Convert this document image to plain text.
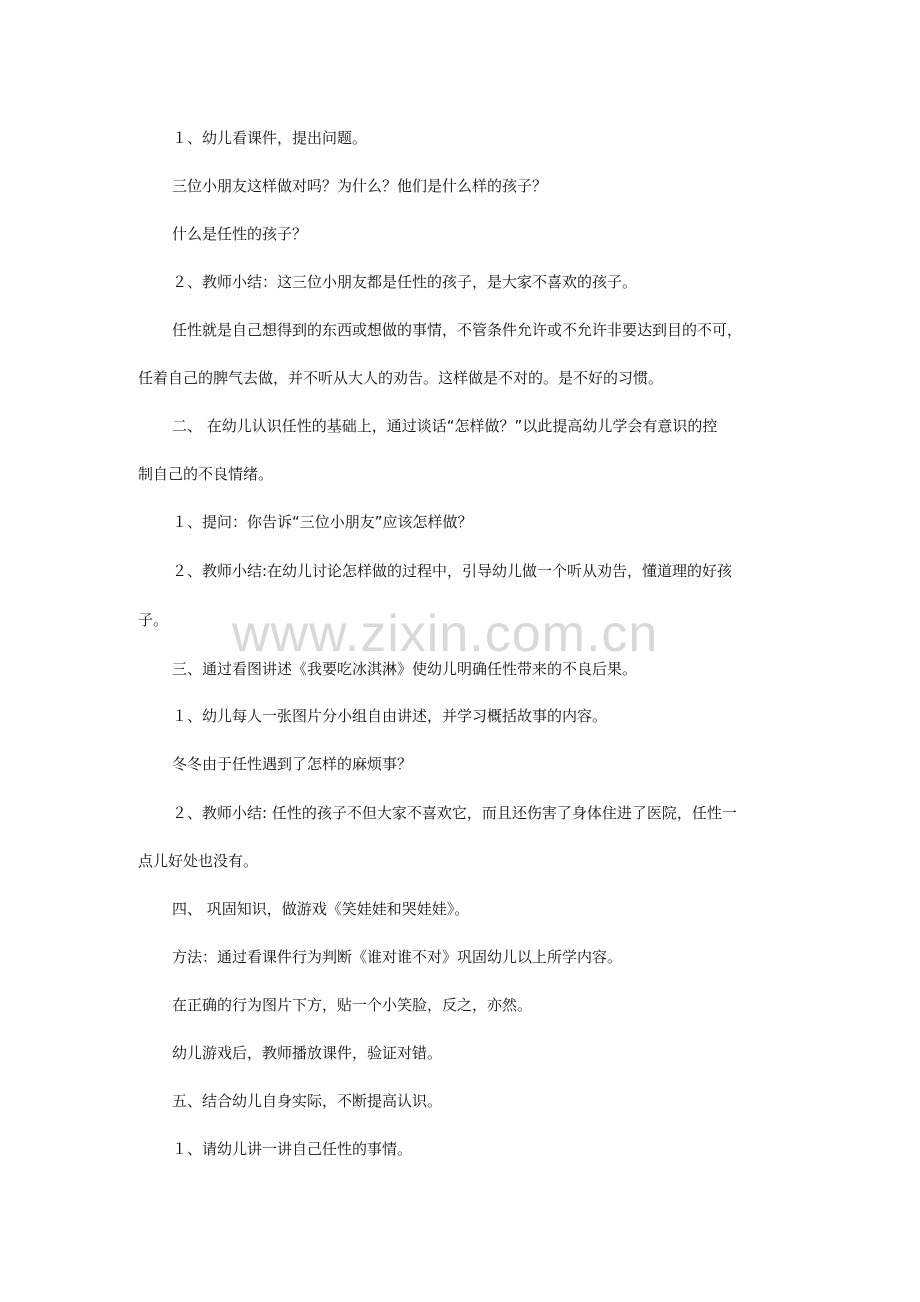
１、幼儿看课件，提出问题。
三位小朋友这样做对吗？为什么？他们是什么样的孩子？
什么是任性的孩子？
２、教师小结：这三位小朋友都是任性的孩子，是大家不喜欢的孩子。
任性就是自己想得到的东西或想做的事情，不管条件允许或不允许非要达到目的不可，
任着自己的脾气去做，并不听从大人的劝告。这样做是不对的。是不好的习惯。
二、 在幼儿认识任性的基础上，通过谈话“怎样做？”以此提高幼儿学会有意识的控
制自己的不良情绪。
１、提问：你告诉“三位小朋友”应该怎样做？
２、教师小结:在幼儿讨论怎样做的过程中，引导幼儿做一个听从劝告，懂道理的好孩
子。
三、通过看图讲述《我要吃冰淇淋》使幼儿明确任性带来的不良后果。
１、幼儿每人一张图片分小组自由讲述，并学习概括故事的内容。
冬冬由于任性遇到了怎样的麻烦事？
２、教师小结: 任性的孩子不但大家不喜欢它，而且还伤害了身体住进了医院，任性一
点儿好处也没有。
四、 巩固知识，做游戏《笑娃娃和哭娃娃》。
方法：通过看课件行为判断《谁对谁不对》巩固幼儿以上所学内容。
在正确的行为图片下方，贴一个小笑脸，反之，亦然。
幼儿游戏后，教师播放课件，验证对错。
五、结合幼儿自身实际，不断提高认识。
１、请幼儿讲一讲自己任性的事情。
www.zixin.com.cn
